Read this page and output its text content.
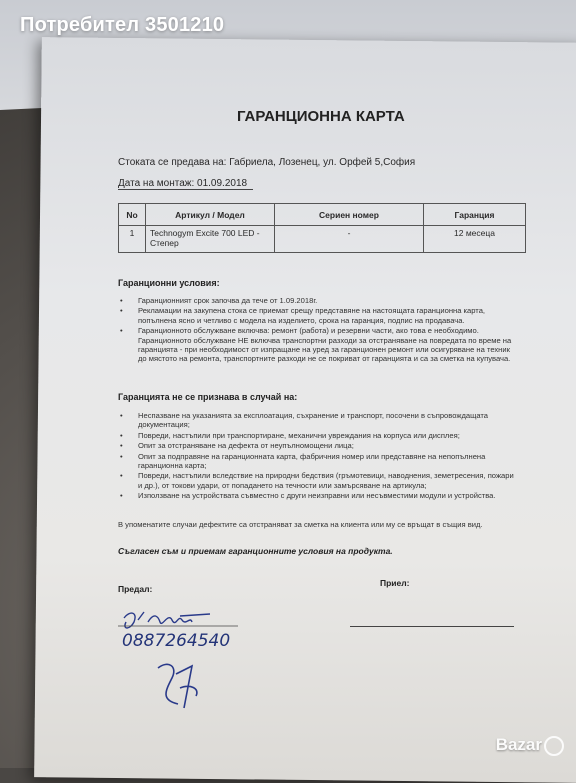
Потребител 3501210
ГАРАНЦИОННА КАРТА
Стоката се предава на: Габриела, Лозенец, ул. Орфей 5,София
Дата на монтаж: 01.09.2018
No	Артикул / Модел	Сериен номер	Гаранция
1	Technogym Excite 700 LED - Степер	-	12 месеца
Гаранционни условия:
• Гаранционният срок започва да тече от 1.09.2018г.
• Рекламации на закупена стока се приемат срещу представяне на настоящата гаранционна карта, попълнена ясно и четливо с модела на изделието, срока на гаранция, подпис на продавача.
• Гаранционното обслужване включва: ремонт (работа) и резервни части, ако това е необходимо. Гаранционното обслужване НЕ включва транспортни разходи за отстраняване на повредата по време на гаранцията - при необходимост от изпращане на уред за гаранционен ремонт или осигуряване на техник до мястото на ремонта, транспортните разходи не се покриват от гаранцията и са за сметка на купувача.
Гаранцията не се признава в случай на:
• Неспазване на указанията за експлоатация, съхранение и транспорт, посочени в съпровождащата документация;
• Повреди, настъпили при транспортиране, механични увреждания на корпуса или дисплея;
• Опит за отстраняване на дефекта от неупълномощени лица;
• Опит за подправяне на гаранционната карта, фабричния номер или представяне на непопълнена гаранционна карта;
• Повреди, настъпили вследствие на природни бедствия (гръмотевици, наводнения, земетресения, пожари и др.), от токови удари, от попадането на течности или замърсяване на артикула;
• Използване на устройствата съвместно с други неизправни или несъвместими модули и устройства.
В упоменатите случаи дефектите са отстраняват за сметка на клиента или му се връщат в същия вид.
Съгласен съм и приемам гаранционните условия на продукта.
Предал:
Приел:
0887264540
Bazar
